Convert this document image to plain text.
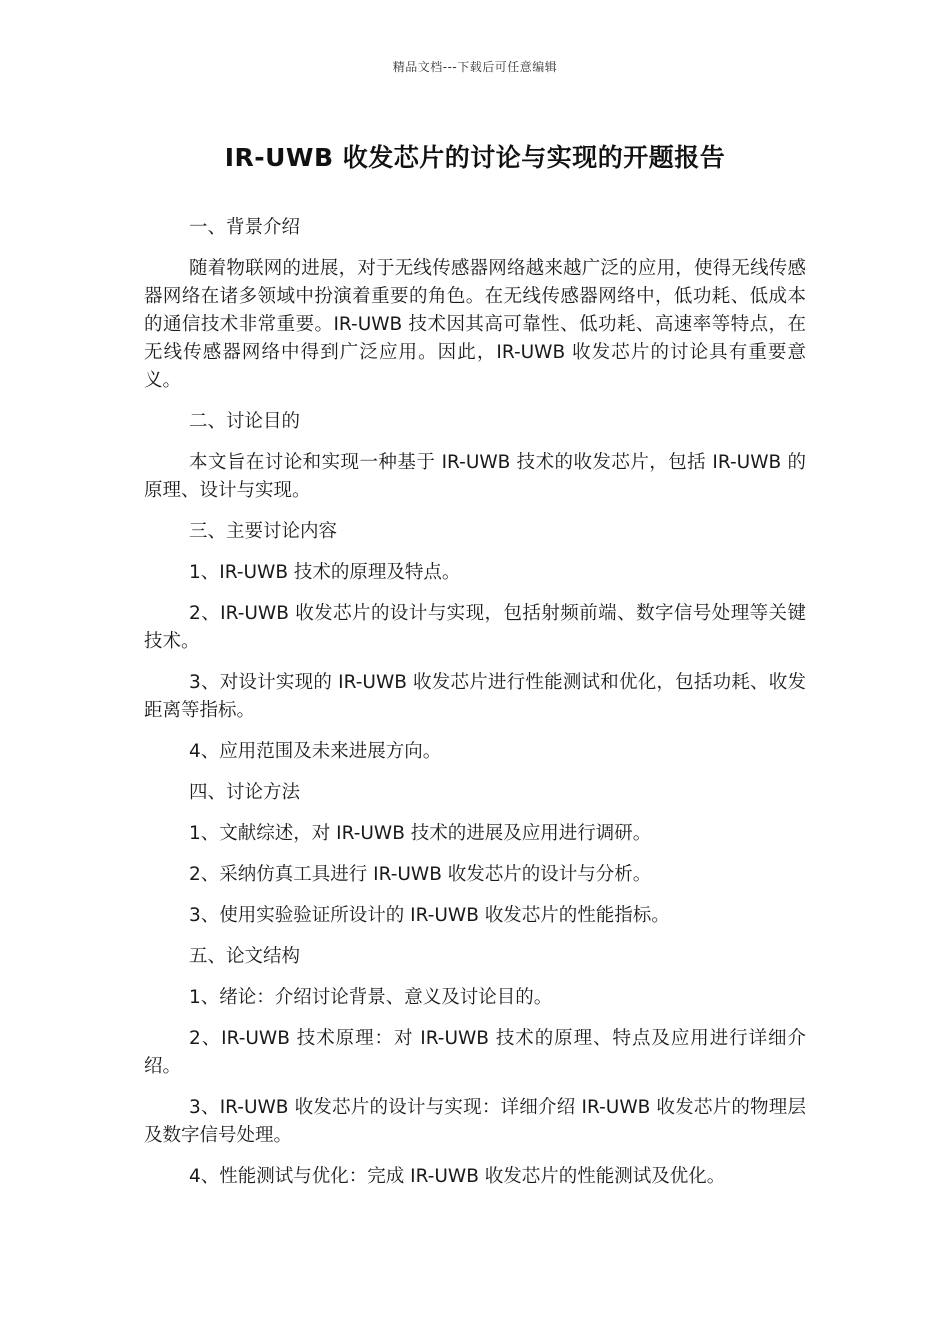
精品文档---下载后可任意编辑
IR-UWB 收发芯片的讨论与实现的开题报告

一、背景介绍

随着物联网的进展，对于无线传感器网络越来越广泛的应用，使得无线传感器网络在诸多领域中扮演着重要的角色。在无线传感器网络中，低功耗、低成本的通信技术非常重要。IR-UWB 技术因其高可靠性、低功耗、高速率等特点，在无线传感器网络中得到广泛应用。因此，IR-UWB 收发芯片的讨论具有重要意义。

二、讨论目的

本文旨在讨论和实现一种基于 IR-UWB 技术的收发芯片，包括 IR-UWB 的原理、设计与实现。

三、主要讨论内容

1、IR-UWB 技术的原理及特点。

2、IR-UWB 收发芯片的设计与实现，包括射频前端、数字信号处理等关键技术。

3、对设计实现的 IR-UWB 收发芯片进行性能测试和优化，包括功耗、收发距离等指标。

4、应用范围及未来进展方向。

四、讨论方法

1、文献综述，对 IR-UWB 技术的进展及应用进行调研。

2、采纳仿真工具进行 IR-UWB 收发芯片的设计与分析。

3、使用实验验证所设计的 IR-UWB 收发芯片的性能指标。

五、论文结构

1、绪论：介绍讨论背景、意义及讨论目的。

2、IR-UWB 技术原理：对 IR-UWB 技术的原理、特点及应用进行详细介绍。

3、IR-UWB 收发芯片的设计与实现：详细介绍 IR-UWB 收发芯片的物理层及数字信号处理。

4、性能测试与优化：完成 IR-UWB 收发芯片的性能测试及优化。
